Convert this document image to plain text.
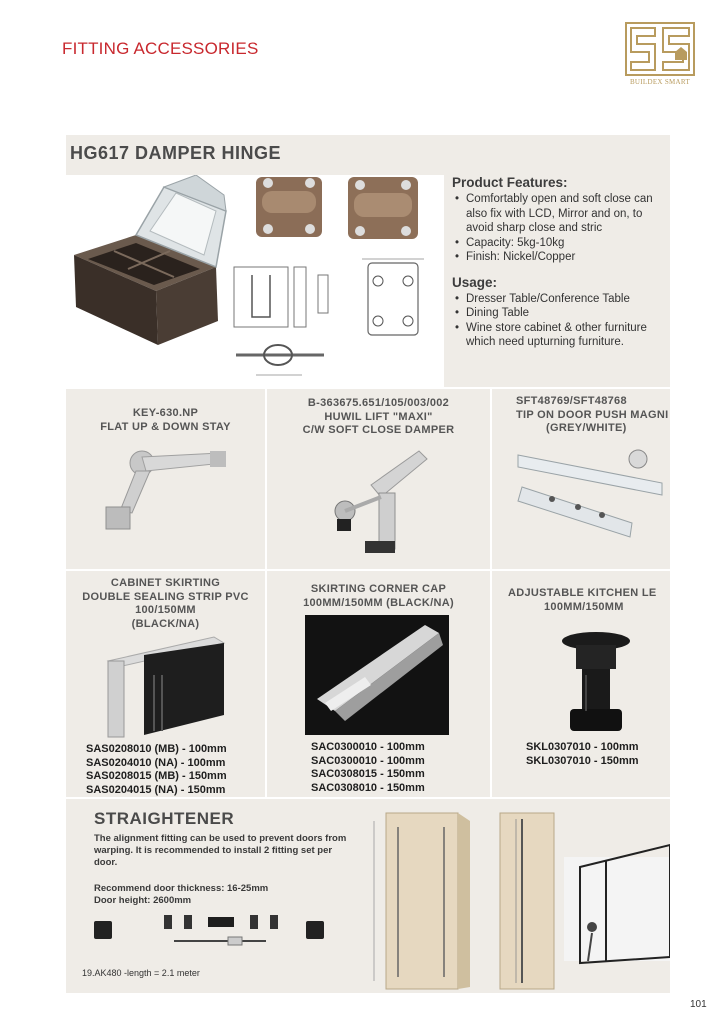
FITTING ACCESSORIES
BUILDEX SMART
HG617 DAMPER HINGE
Product Features:
• Comfortably open and soft close can also fix with LCD, Mirror and on, to avoid sharp close and stric
• Capacity: 5kg-10kg
• Finish: Nickel/Copper
Usage:
• Dresser Table/Conference Table
• Dining Table
• Wine store cabinet & other furniture which need upturning furniture.
KEY-630.NP
FLAT UP & DOWN STAY
B-363675.651/105/003/002
HUWIL LIFT "MAXI"
C/W SOFT CLOSE DAMPER
SFT48769/SFT48768
TIP ON DOOR PUSH MAGNI
(GREY/WHITE)
CABINET SKIRTING
DOUBLE SEALING STRIP PVC
100/150MM
(BLACK/NA)
SAS0208010 (MB) - 100mm
SAS0204010 (NA) - 100mm
SAS0208015 (MB) - 150mm
SAS0204015 (NA) - 150mm
SKIRTING CORNER CAP
100MM/150MM (BLACK/NA)
SAC0300010 - 100mm
SAC0300010 - 100mm
SAC0308015 - 150mm
SAC0308010 - 150mm
ADJUSTABLE KITCHEN LE
100MM/150MM
SKL0307010 - 100mm
SKL0307010 - 150mm
STRAIGHTENER
The alignment fitting can be used to prevent doors from warping. It is recommended to install 2 fitting set per door.
Recommend door thickness: 16-25mm
Door height: 2600mm
19.AK480 -length = 2.1 meter
101
